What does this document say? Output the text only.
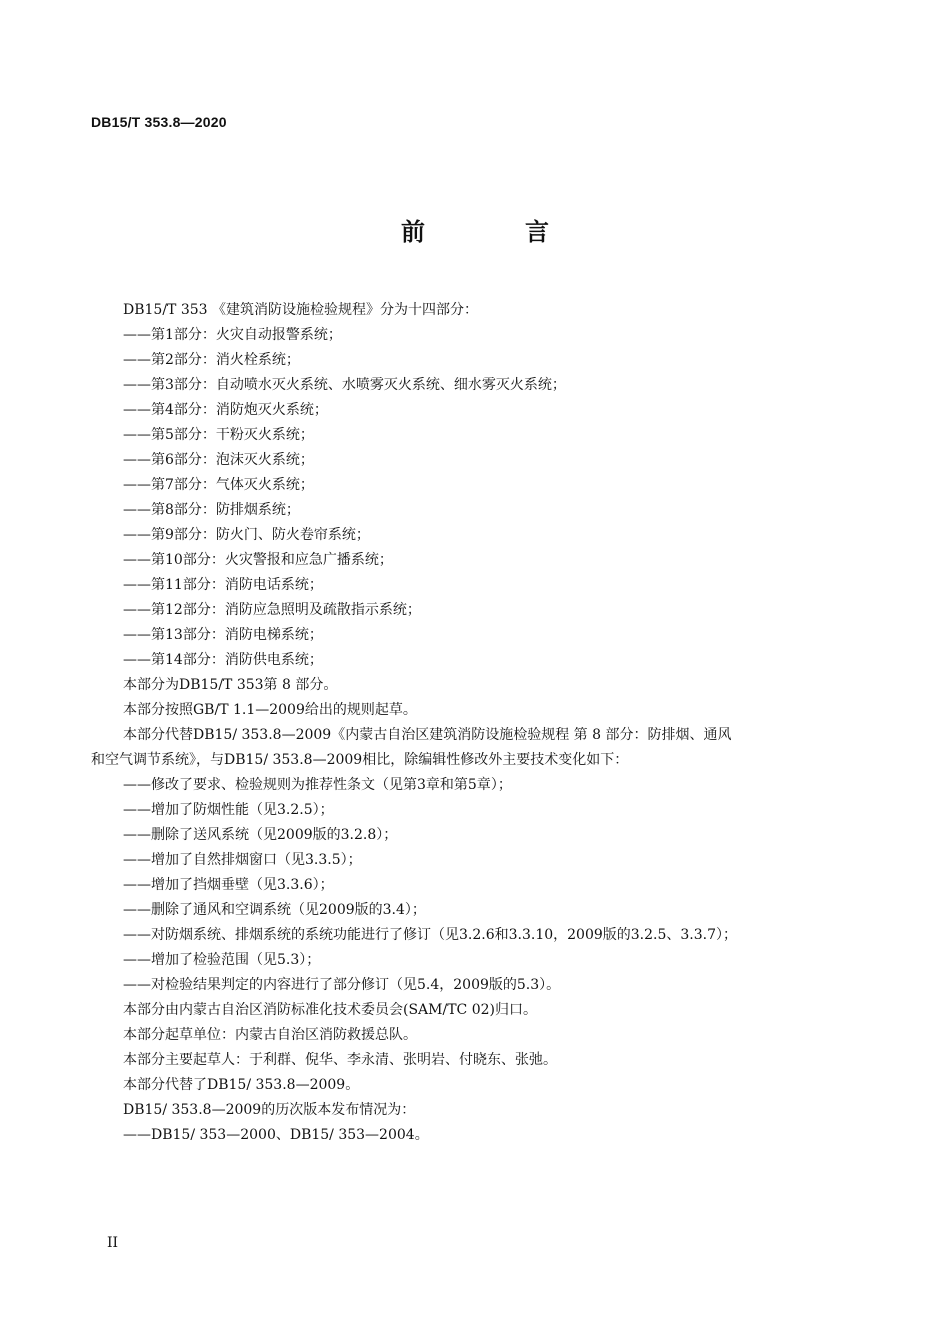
DB15/T 353.8—2020
前　言
DB15/T 353 《建筑消防设施检验规程》分为十四部分：
——第1部分：火灾自动报警系统；
——第2部分：消火栓系统；
——第3部分：自动喷水灭火系统、水喷雾灭火系统、细水雾灭火系统；
——第4部分：消防炮灭火系统；
——第5部分：干粉灭火系统；
——第6部分：泡沫灭火系统；
——第7部分：气体灭火系统；
——第8部分：防排烟系统；
——第9部分：防火门、防火卷帘系统；
——第10部分：火灾警报和应急广播系统；
——第11部分：消防电话系统；
——第12部分：消防应急照明及疏散指示系统；
——第13部分：消防电梯系统；
——第14部分：消防供电系统；
本部分为DB15/T 353第 8 部分。
本部分按照GB/T 1.1—2009给出的规则起草。
本部分代替DB15/ 353.8—2009《内蒙古自治区建筑消防设施检验规程 第 8 部分：防排烟、通风
和空气调节系统》，与DB15/ 353.8—2009相比，除编辑性修改外主要技术变化如下：
——修改了要求、检验规则为推荐性条文（见第3章和第5章）；
——增加了防烟性能（见3.2.5）；
——删除了送风系统（见2009版的3.2.8）；
——增加了自然排烟窗口（见3.3.5）；
——增加了挡烟垂壁（见3.3.6）；
——删除了通风和空调系统（见2009版的3.4）；
——对防烟系统、排烟系统的系统功能进行了修订（见3.2.6和3.3.10，2009版的3.2.5、3.3.7）；
——增加了检验范围（见5.3）；
——对检验结果判定的内容进行了部分修订（见5.4，2009版的5.3）。
本部分由内蒙古自治区消防标准化技术委员会(SAM/TC 02)归口。
本部分起草单位：内蒙古自治区消防救援总队。
本部分主要起草人：于利群、倪华、李永清、张明岩、付晓东、张弛。
本部分代替了DB15/ 353.8—2009。
DB15/ 353.8—2009的历次版本发布情况为：
——DB15/ 353—2000、DB15/ 353—2004。
II
